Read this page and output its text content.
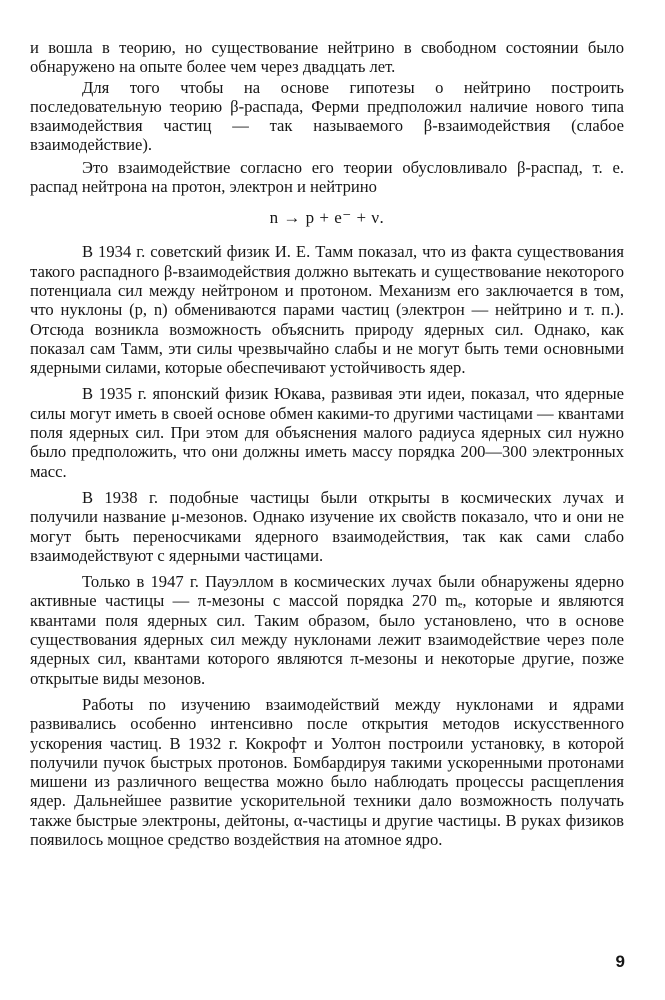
и вошла в теорию, но существование нейтрино в свободном состоянии было обнаружено на опыте более чем через двадцать лет.

Для того чтобы на основе гипотезы о нейтрино построить последовательную теорию β-распада, Ферми предположил наличие нового типа взаимодействия частиц — так называемого β-взаимодействия (слабое взаимодействие).

Это взаимодействие согласно его теории обусловливало β-распад, т. е. распад нейтрона на протон, электрон и нейтрино

n → p + e⁻ + ν.

В 1934 г. советский физик И. Е. Тамм показал, что из факта существования такого распадного β-взаимодействия должно вытекать и существование некоторого потенциала сил между нейтроном и протоном. Механизм его заключается в том, что нуклоны (p, n) обмениваются парами частиц (электрон — нейтрино и т. п.). Отсюда возникла возможность объяснить природу ядерных сил. Однако, как показал сам Тамм, эти силы чрезвычайно слабы и не могут быть теми основными ядерными силами, которые обеспечивают устойчивость ядер.

В 1935 г. японский физик Юкава, развивая эти идеи, показал, что ядерные силы могут иметь в своей основе обмен какими-то другими частицами — квантами поля ядерных сил. При этом для объяснения малого радиуса ядерных сил нужно было предположить, что они должны иметь массу порядка 200—300 электронных масс.

В 1938 г. подобные частицы были открыты в космических лучах и получили название μ-мезонов. Однако изучение их свойств показало, что и они не могут быть переносчиками ядерного взаимодействия, так как сами слабо взаимодействуют с ядерными частицами.

Только в 1947 г. Пауэллом в космических лучах были обнаружены ядерно активные частицы — π-мезоны с массой порядка 270 mₑ, которые и являются квантами поля ядерных сил. Таким образом, было установлено, что в основе существования ядерных сил между нуклонами лежит взаимодействие через поле ядерных сил, квантами которого являются π-мезоны и некоторые другие, позже открытые виды мезонов.

Работы по изучению взаимодействий между нуклонами и ядрами развивались особенно интенсивно после открытия методов искусственного ускорения частиц. В 1932 г. Кокрофт и Уолтон построили установку, в которой получили пучок быстрых протонов. Бомбардируя такими ускоренными протонами мишени из различного вещества можно было наблюдать процессы расщепления ядер. Дальнейшее развитие ускорительной техники дало возможность получать также быстрые электроны, дейтоны, α-частицы и другие частицы. В руках физиков появилось мощное средство воздействия на атомное ядро.

9
